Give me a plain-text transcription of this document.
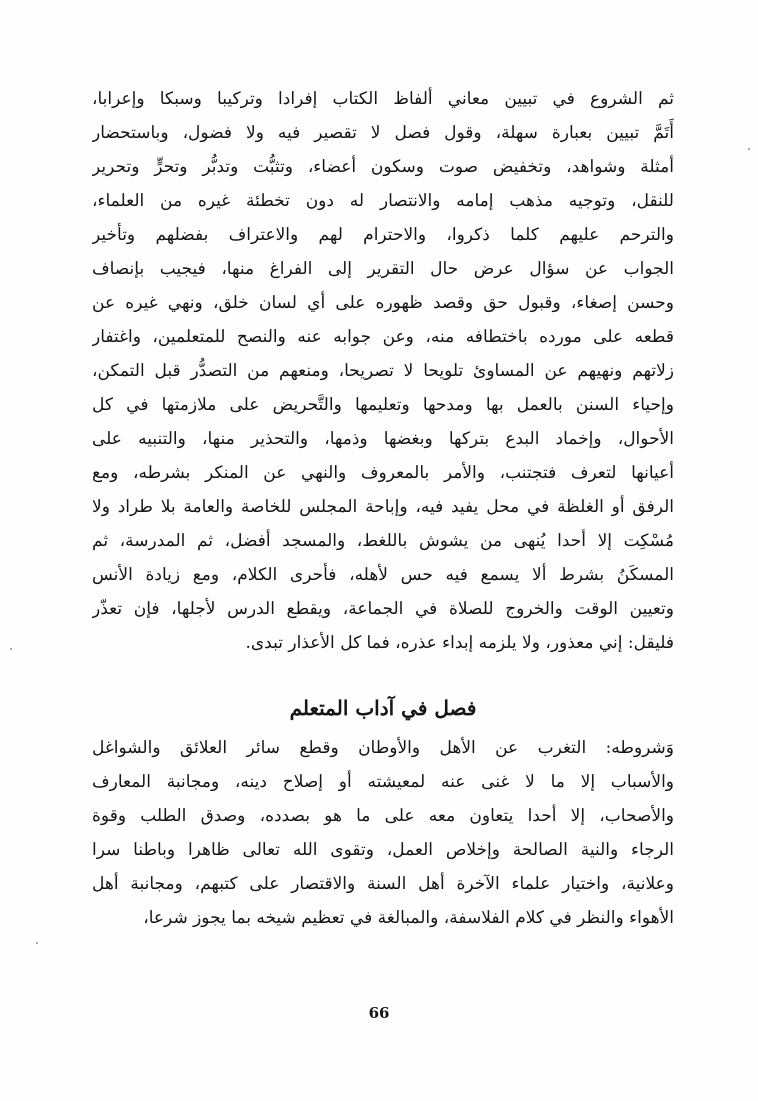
ثم الشروع في تبيين معاني ألفاظ الكتاب إفرادا وتركيبا وسبكا وإعرابا،
أَتَمَّ تبيين بعبارة سهلة، وقول فصل لا تقصير فيه ولا فضول، وباستحضار
أمثلة وشواهد، وتخفيض صوت وسكون أعضاء، وتثبُّت وتدبُّر وتحرٍّ وتحرير
للنقل، وتوجيه مذهب إمامه والانتصار له دون تخطئة غيره من العلماء،
والترحم عليهم كلما ذكروا، والاحترام لهم والاعتراف بفضلهم وتأخير
الجواب عن سؤال عرض حال التقرير إلى الفراغ منها، فيجيب بإنصاف
وحسن إصغاء، وقبول حق وقصد ظهوره على أي لسان خلق، ونهي غيره عن
قطعه على مورده باختطافه منه، وعن جوابه عنه والنصح للمتعلمين، واغتفار
زلاتهم ونهيهم عن المساوئ تلويحا لا تصريحا، ومنعهم من التصدُّر قبل التمكن،
وإحياء السنن بالعمل بها ومدحها وتعليمها والتَّحريض على ملازمتها في كل
الأحوال، وإخماد البدع بتركها وبغضها وذمها، والتحذير منها، والتنبيه على
أعيانها لتعرف فتجتنب، والأمر بالمعروف والنهي عن المنكر بشرطه، ومع
الرفق أو الغلظة في محل يفيد فيه، وإباحة المجلس للخاصة والعامة بلا طراد ولا
مُسْكِت إلا أحدا يُنهى من يشوش باللغط، والمسجد أفضل، ثم المدرسة، ثم
المسكَنُ بشرط ألا يسمع فيه حس لأهله، فأحرى الكلام، ومع زيادة الأنس
وتعيين الوقت والخروج للصلاة في الجماعة، ويقطع الدرس لأجلها، فإن تعذّر
فليقل: إني معذور، ولا يلزمه إبداء عذره، فما كل الأعذار تبدى.
فصل في آداب المتعلم
وَشروطه: التغرب عن الأهل والأوطان وقطع سائر العلائق والشواغل
والأسباب إلا ما لا غنى عنه لمعيشته أو إصلاح دينه، ومجانبة المعارف
والأصحاب، إلا أحدا يتعاون معه على ما هو بصدده، وصدق الطلب وقوة
الرجاء والنية الصالحة وإخلاص العمل، وتقوى الله تعالى ظاهرا وباطنا سرا
وعلانية، واختيار علماء الآخرة أهل السنة والاقتصار على كتبهم، ومجانبة أهل
الأهواء والنظر في كلام الفلاسفة، والمبالغة في تعظيم شيخه بما يجوز شرعا،
66
